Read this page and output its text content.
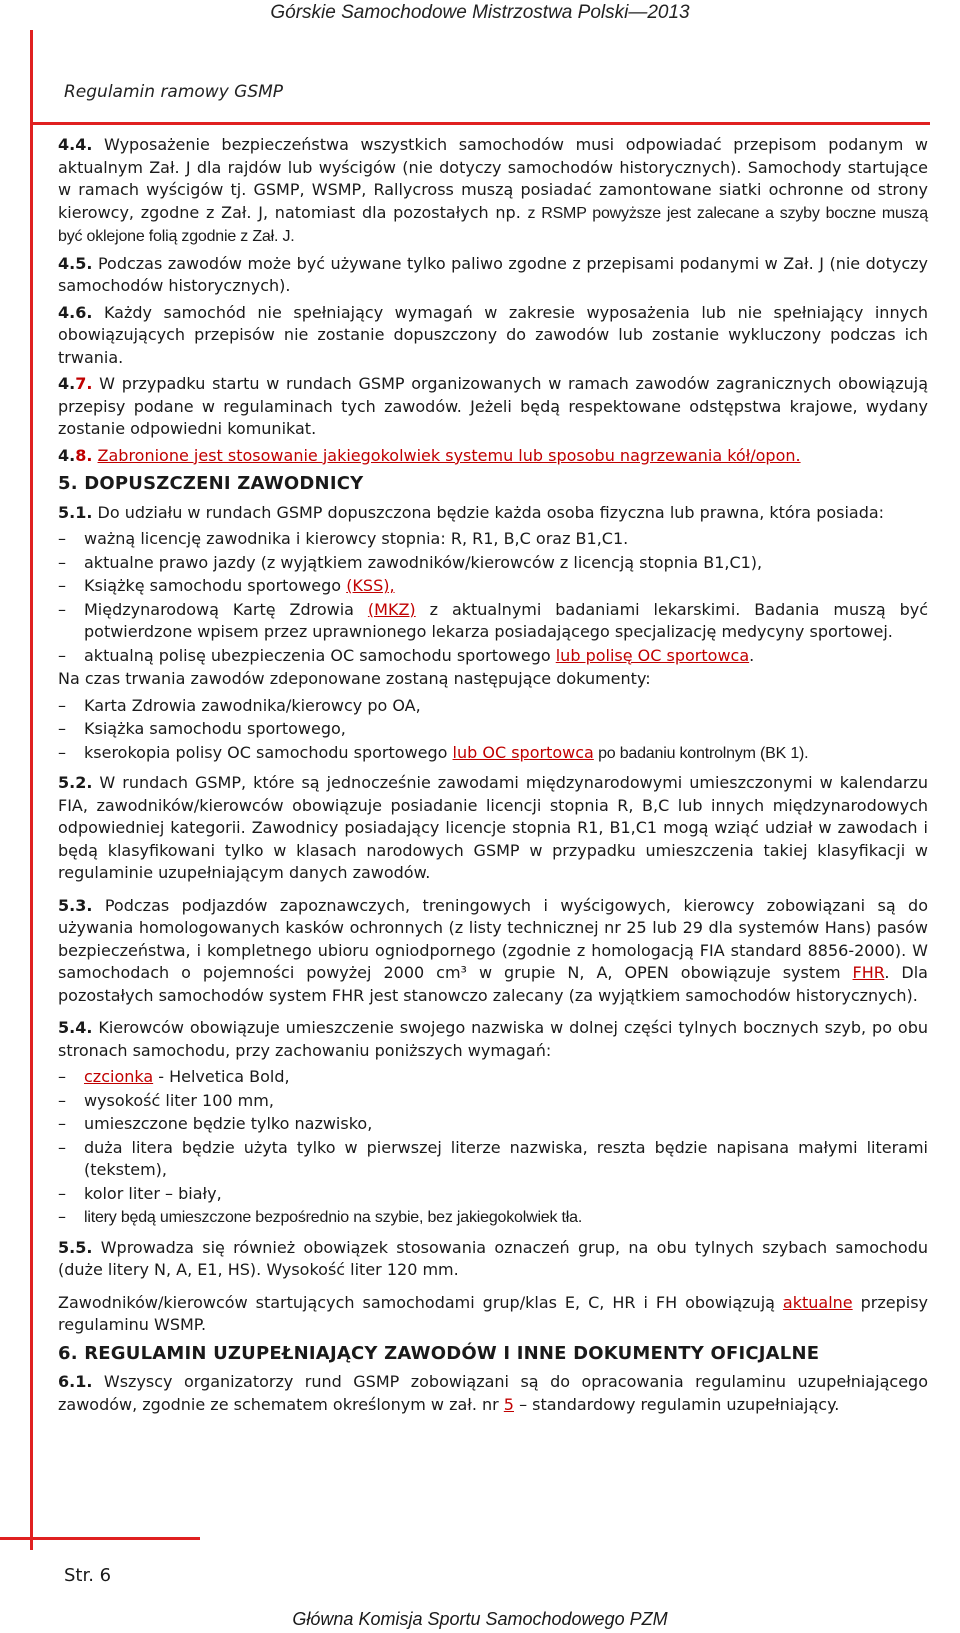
Górskie Samochodowe Mistrzostwa Polski—2013
Regulamin ramowy GSMP

4.4. Wyposażenie bezpieczeństwa wszystkich samochodów musi odpowiadać przepisom podanym w aktualnym Zał. J dla rajdów lub wyścigów (nie dotyczy samochodów historycznych). Samochody startujące w ramach wyścigów tj. GSMP, WSMP, Rallycross muszą posiadać zamontowane siatki ochronne od strony kierowcy, zgodne z Zał. J, natomiast dla pozostałych np. z RSMP powyższe jest zalecane a szyby boczne muszą być oklejone folią zgodnie z Zał. J.

4.5. Podczas zawodów może być używane tylko paliwo zgodne z przepisami podanymi w Zał. J (nie dotyczy samochodów historycznych).

4.6. Każdy samochód nie spełniający wymagań w zakresie wyposażenia lub nie spełniający innych obowiązujących przepisów nie zostanie dopuszczony do zawodów lub zostanie wykluczony podczas ich trwania.

4.7. W przypadku startu w rundach GSMP organizowanych w ramach zawodów zagranicznych obowiązują przepisy podane w regulaminach tych zawodów. Jeżeli będą respektowane odstępstwa krajowe, wydany zostanie odpowiedni komunikat.

4.8. Zabronione jest stosowanie jakiegokolwiek systemu lub sposobu nagrzewania kół/opon.

5. DOPUSZCZENI ZAWODNICY

5.1. Do udziału w rundach GSMP dopuszczona będzie każda osoba fizyczna lub prawna, która posiada:

– ważną licencję zawodnika i kierowcy stopnia: R, R1, B,C oraz B1,C1.
– aktualne prawo jazdy (z wyjątkiem zawodników/kierowców z licencją stopnia B1,C1),
– Książkę samochodu sportowego (KSS),
– Międzynarodową Kartę Zdrowia (MKZ) z aktualnymi badaniami lekarskimi. Badania muszą być potwierdzone wpisem przez uprawnionego lekarza posiadającego specjalizację medycyny sportowej.
– aktualną polisę ubezpieczenia OC samochodu sportowego lub polisę OC sportowca.

Na czas trwania zawodów zdeponowane zostaną następujące dokumenty:

– Karta Zdrowia zawodnika/kierowcy po OA,
– Książka samochodu sportowego,
– kserokopia polisy OC samochodu sportowego lub OC sportowca po badaniu kontrolnym (BK 1).

5.2. W rundach GSMP, które są jednocześnie zawodami międzynarodowymi umieszczonymi w kalendarzu FIA, zawodników/kierowców obowiązuje posiadanie licencji stopnia R, B,C lub innych międzynarodowych odpowiedniej kategorii. Zawodnicy posiadający licencje stopnia R1, B1,C1 mogą wziąć udział w zawodach i będą klasyfikowani tylko w klasach narodowych GSMP w przypadku umieszczenia takiej klasyfikacji w regulaminie uzupełniającym danych zawodów.

5.3. Podczas podjazdów zapoznawczych, treningowych i wyścigowych, kierowcy zobowiązani są do używania homologowanych kasków ochronnych (z listy technicznej nr 25 lub 29 dla systemów Hans) pasów bezpieczeństwa, i kompletnego ubioru ogniodpornego (zgodnie z homologacją FIA standard 8856-2000). W samochodach o pojemności powyżej 2000 cm³ w grupie N, A, OPEN obowiązuje system FHR. Dla pozostałych samochodów system FHR jest stanowczo zalecany (za wyjątkiem samochodów historycznych).

5.4. Kierowców obowiązuje umieszczenie swojego nazwiska w dolnej części tylnych bocznych szyb, po obu stronach samochodu, przy zachowaniu poniższych wymagań:

– czcionka - Helvetica Bold,
– wysokość liter 100 mm,
– umieszczone będzie tylko nazwisko,
– duża litera będzie użyta tylko w pierwszej literze nazwiska, reszta będzie napisana małymi literami (tekstem),
– kolor liter – biały,
– litery będą umieszczone bezpośrednio na szybie, bez jakiegokolwiek tła.

5.5. Wprowadza się również obowiązek stosowania oznaczeń grup, na obu tylnych szybach samochodu (duże litery N, A, E1, HS). Wysokość liter 120 mm.

Zawodników/kierowców startujących samochodami grup/klas E, C, HR i FH obowiązują aktualne przepisy regulaminu WSMP.

6. REGULAMIN UZUPEŁNIAJĄCY ZAWODÓW I INNE DOKUMENTY OFICJALNE

6.1. Wszyscy organizatorzy rund GSMP zobowiązani są do opracowania regulaminu uzupełniającego zawodów, zgodnie ze schematem określonym w zał. nr 5 – standardowy regulamin uzupełniający.

Str. 6
Główna Komisja Sportu Samochodowego PZM
